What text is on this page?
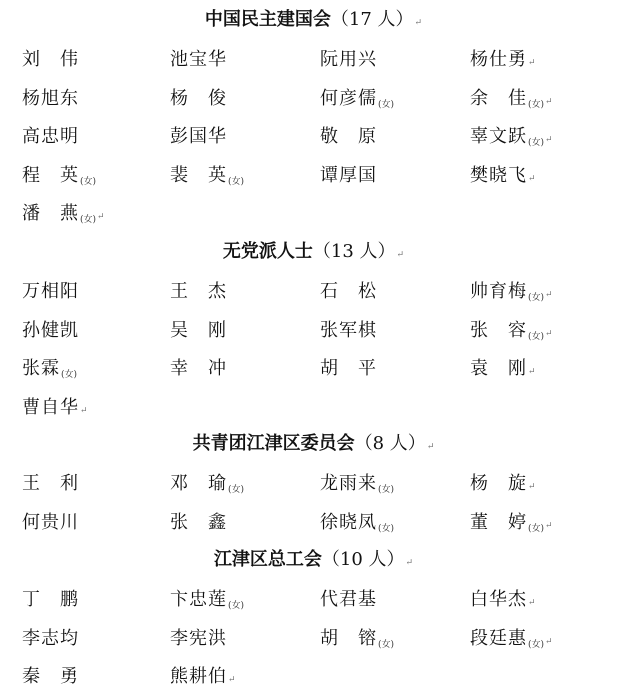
中国民主建国会（17 人）↵
刘　伟	池宝华	阮用兴	杨仕勇↵
杨旭东	杨　俊	何彦儒(女)	余　佳(女)↵
高忠明	彭国华	敬　原	辜文跃(女)↵
程　英(女)	裴　英(女)	谭厚国	樊晓飞↵
潘　燕(女)↵
无党派人士（13 人）↵
万相阳	王　杰	石　松	帅育梅(女)↵
孙健凯	吴　刚	张军棋	张　容(女)↵
张霖(女)	幸　冲	胡　平	袁　刚↵
曹自华↵
共青团江津区委员会（8 人）↵
王　利	邓　瑜(女)	龙雨来(女)	杨　旋↵
何贵川	张　鑫	徐晓凤(女)	董　婷(女)↵
江津区总工会（10 人）↵
丁　鹏	卞忠莲(女)	代君基	白华杰↵
李志均	李宪洪	胡　镕(女)	段廷惠(女)↵
秦　勇	熊耕伯↵
